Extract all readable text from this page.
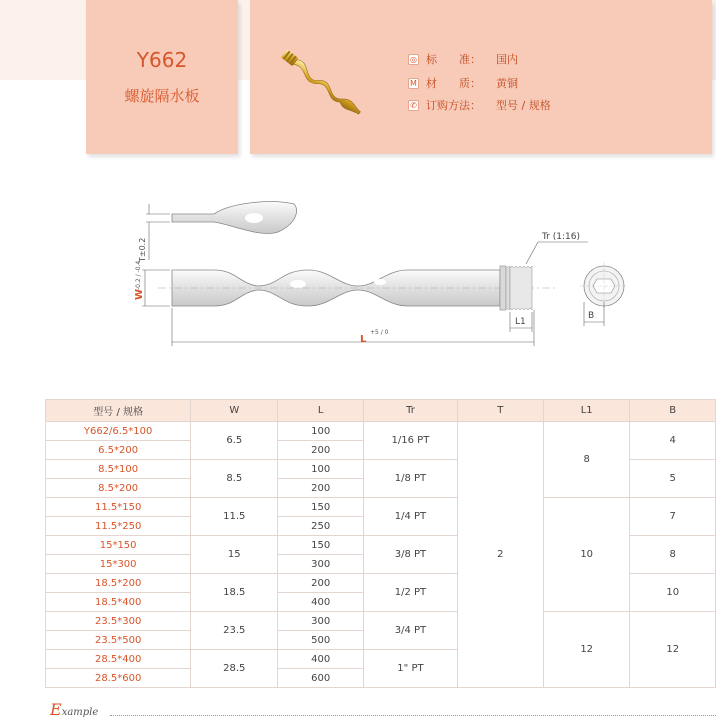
Y662
螺旋隔水板
◎ 标　　准：	国内
M 材　　质：	黄铜
✆ 订购方法：	型号 / 规格
T±0.2
Tr (1:16)
W
-0.2 / -0.4
L1
L
+5 / 0
B
型号 / 规格	W	L	Tr	T	L1	B
Y662/6.5*100	6.5	100	1/16 PT	2	8	4
6.5*200		200				
8.5*100	8.5	100	1/8 PT			5
8.5*200		200				
11.5*150	11.5	150	1/4 PT		10	7
11.5*250		250				
15*150	15	150	3/8 PT			8
15*300		300				
18.5*200	18.5	200	1/2 PT			10
18.5*400		400				
23.5*300	23.5	300	3/4 PT		12	12
23.5*500		500				
28.5*400	28.5	400	1" PT			
28.5*600		600				
Example
